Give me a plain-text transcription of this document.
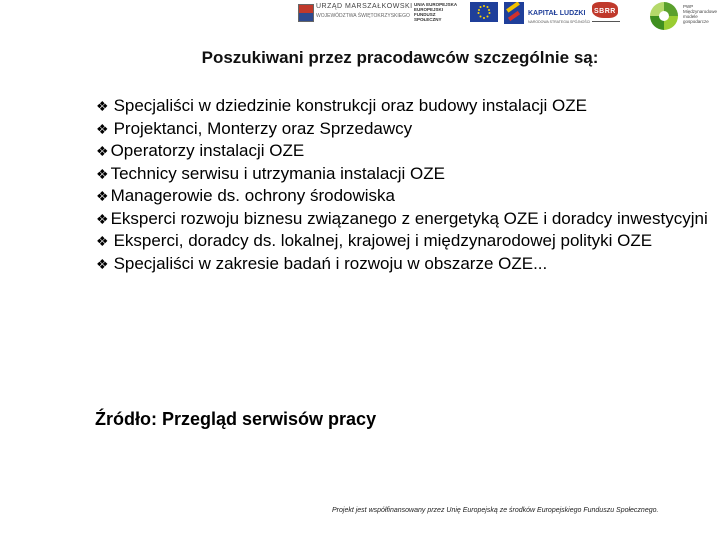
URZĄD MARSZAŁKOWSKI
WOJEWÓDZTWA ŚWIĘTOKRZYSKIEGO
UNIA EUROPEJSKA
EUROPEJSKI
FUNDUSZ SPOŁECZNY
KAPITAŁ LUDZKI
NARODOWA STRATEGIA SPÓJNOŚCI
SBRR
PWP
Międzynarodowe
modele
gospodarcze
Poszukiwani przez pracodawców szczególnie są:
❖ Specjaliści w dziedzinie konstrukcji oraz budowy instalacji OZE
❖ Projektanci, Monterzy oraz Sprzedawcy
❖ Operatorzy instalacji OZE
❖ Technicy serwisu i utrzymania instalacji OZE
❖ Managerowie ds. ochrony środowiska
❖ Eksperci rozwoju biznesu związanego z energetyką OZE i doradcy inwestycyjni
❖ Eksperci, doradcy ds. lokalnej, krajowej i międzynarodowej polityki OZE
❖ Specjaliści w zakresie badań i rozwoju w obszarze OZE...
Źródło: Przegląd serwisów pracy
Projekt jest współfinansowany przez Unię Europejską ze środków Europejskiego Funduszu Społecznego.
